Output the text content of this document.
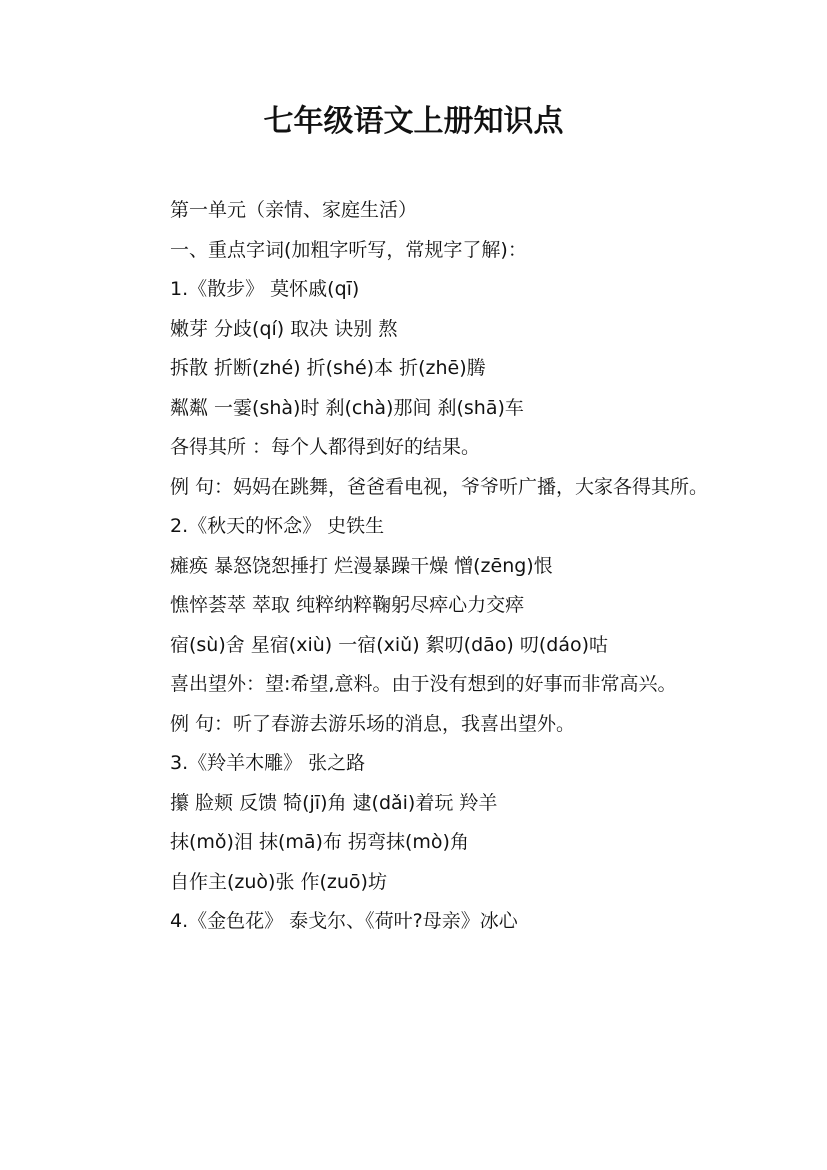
七年级语文上册知识点

第一单元（亲情、家庭生活）

一、重点字词(加粗字听写，常规字了解)：

1.《散步》 莫怀戚(qī)

嫩芽 分歧(qí) 取决 诀别 熬

拆散 折断(zhé) 折(shé)本 折(zhē)腾

粼粼 一霎(shà)时 刹(chà)那间 刹(shā)车

各得其所 ：每个人都得到好的结果。

例 句：妈妈在跳舞，爸爸看电视，爷爷听广播，大家各得其所。

2.《秋天的怀念》 史铁生

瘫痪 暴怒饶恕捶打 烂漫暴躁干燥 憎(zēng)恨

憔悴荟萃 萃取 纯粹纳粹鞠躬尽瘁心力交瘁

宿(sù)舍 星宿(xiù) 一宿(xiǔ) 絮叨(dāo) 叨(dáo)咕

喜出望外：望:希望,意料。由于没有想到的好事而非常高兴。

例 句：听了春游去游乐场的消息，我喜出望外。

3.《羚羊木雕》 张之路

攥 脸颊 反馈 犄(jī)角 逮(dǎi)着玩 羚羊

抹(mǒ)泪 抹(mā)布 拐弯抹(mò)角

自作主(zuò)张 作(zuō)坊

4.《金色花》 泰戈尔、《荷叶?母亲》冰心
